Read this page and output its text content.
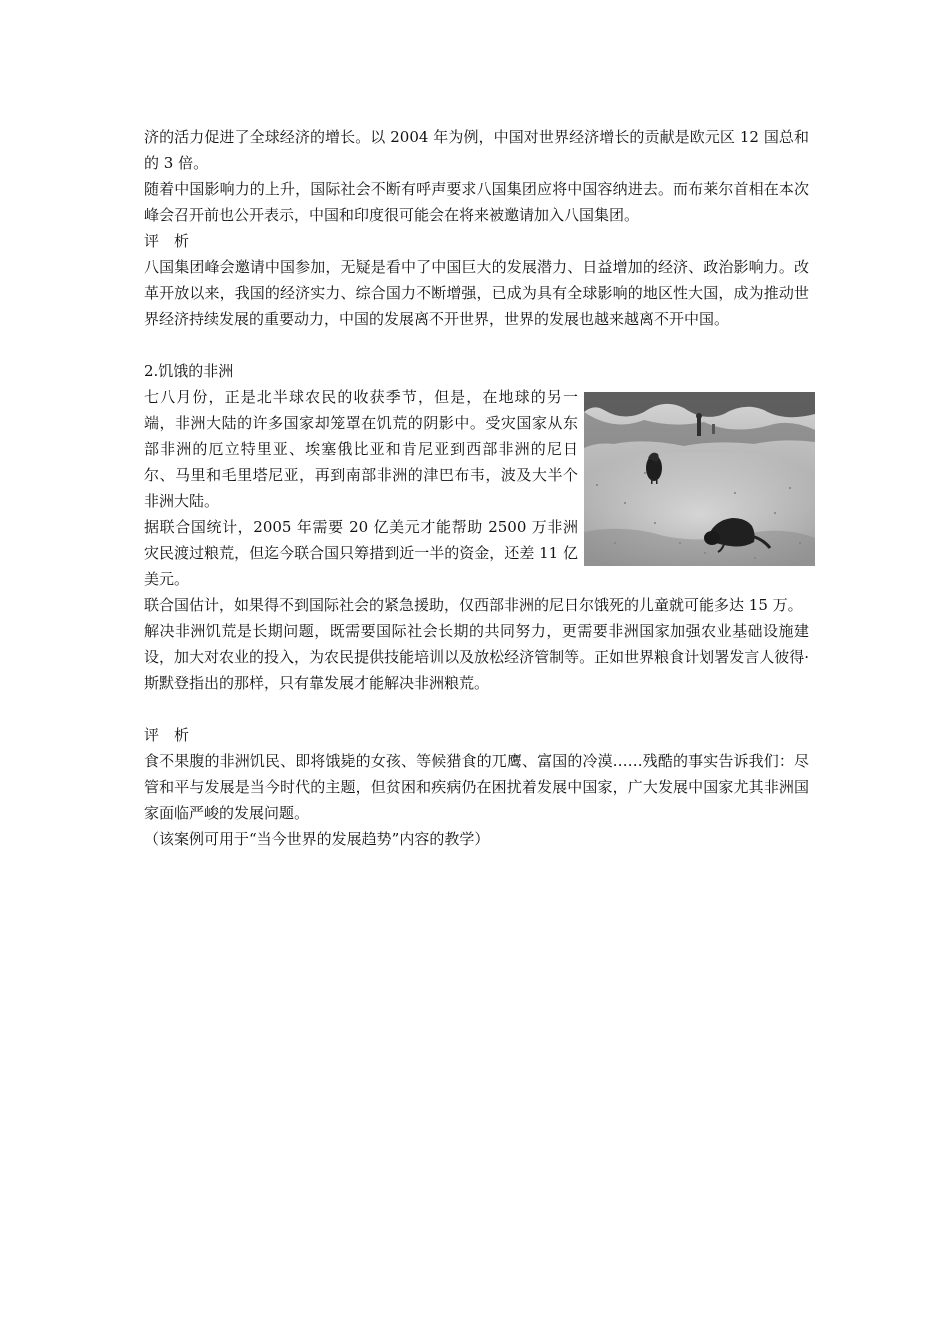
济的活力促进了全球经济的增长。以 2004 年为例，中国对世界经济增长的贡献是欧元区 12 国总和的 3 倍。

随着中国影响力的上升，国际社会不断有呼声要求八国集团应将中国容纳进去。而布莱尔首相在本次峰会召开前也公开表示，中国和印度很可能会在将来被邀请加入八国集团。

评　析

八国集团峰会邀请中国参加，无疑是看中了中国巨大的发展潜力、日益增加的经济、政治影响力。改革开放以来，我国的经济实力、综合国力不断增强，已成为具有全球影响的地区性大国，成为推动世界经济持续发展的重要动力，中国的发展离不开世界，世界的发展也越来越离不开中国。

2.饥饿的非洲

七八月份，正是北半球农民的收获季节，但是，在地球的另一端，非洲大陆的许多国家却笼罩在饥荒的阴影中。受灾国家从东部非洲的厄立特里亚、埃塞俄比亚和肯尼亚到西部非洲的尼日尔、马里和毛里塔尼亚，再到南部非洲的津巴布韦，波及大半个非洲大陆。

据联合国统计，2005 年需要 20 亿美元才能帮助 2500 万非洲灾民渡过粮荒，但迄今联合国只筹措到近一半的资金，还差 11 亿美元。

联合国估计，如果得不到国际社会的紧急援助，仅西部非洲的尼日尔饿死的儿童就可能多达 15 万。

解决非洲饥荒是长期问题，既需要国际社会长期的共同努力，更需要非洲国家加强农业基础设施建设，加大对农业的投入，为农民提供技能培训以及放松经济管制等。正如世界粮食计划署发言人彼得·斯默登指出的那样，只有靠发展才能解决非洲粮荒。

评　析

食不果腹的非洲饥民、即将饿毙的女孩、等候猎食的兀鹰、富国的冷漠……残酷的事实告诉我们：尽管和平与发展是当今时代的主题，但贫困和疾病仍在困扰着发展中国家，广大发展中国家尤其非洲国家面临严峻的发展问题。

（该案例可用于“当今世界的发展趋势”内容的教学）
